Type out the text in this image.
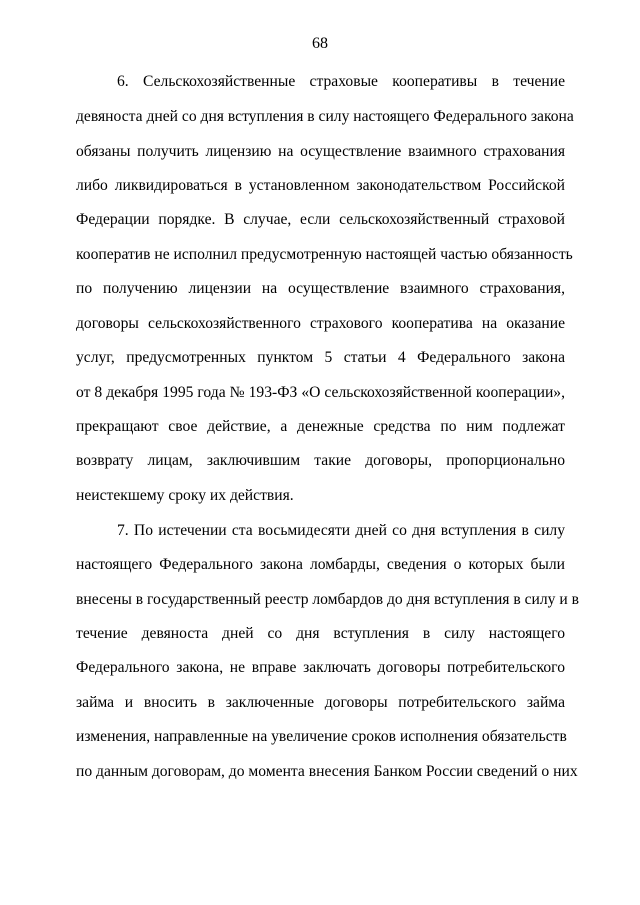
68
6. Сельскохозяйственные страховые кооперативы в течение
девяноста дней со дня вступления в силу настоящего Федерального закона
обязаны получить лицензию на осуществление взаимного страхования
либо ликвидироваться в установленном законодательством Российской
Федерации порядке. В случае, если сельскохозяйственный страховой
кооператив не исполнил предусмотренную настоящей частью обязанность
по получению лицензии на осуществление взаимного страхования,
договоры сельскохозяйственного страхового кооператива на оказание
услуг, предусмотренных пунктом 5 статьи 4 Федерального закона
от 8 декабря 1995 года № 193-ФЗ «О сельскохозяйственной кооперации»,
прекращают свое действие, а денежные средства по ним подлежат
возврату лицам, заключившим такие договоры, пропорционально
неистекшему сроку их действия.
7. По истечении ста восьмидесяти дней со дня вступления в силу
настоящего Федерального закона ломбарды, сведения о которых были
внесены в государственный реестр ломбардов до дня вступления в силу и в
течение девяноста дней со дня вступления в силу настоящего
Федерального закона, не вправе заключать договоры потребительского
займа и вносить в заключенные договоры потребительского займа
изменения, направленные на увеличение сроков исполнения обязательств
по данным договорам, до момента внесения Банком России сведений о них
